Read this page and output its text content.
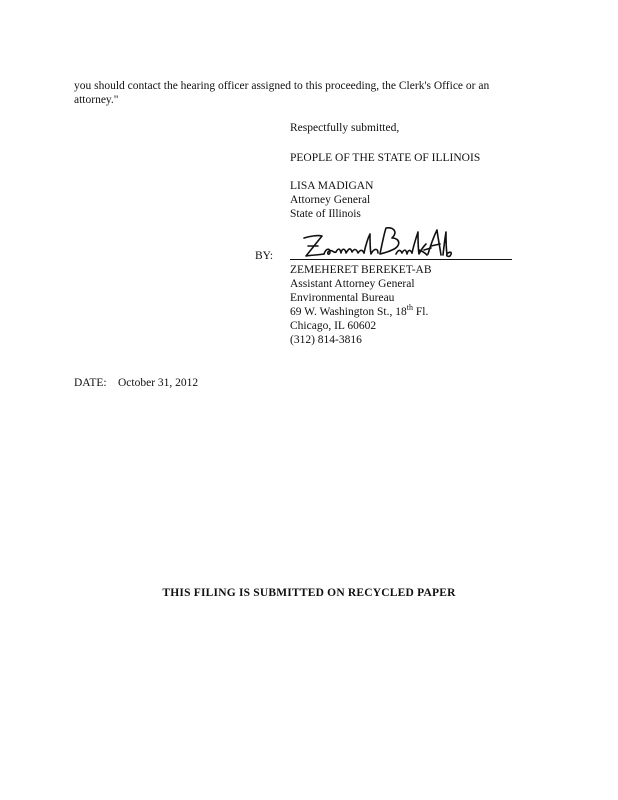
you should contact the hearing officer assigned to this proceeding, the Clerk's Office or an
attorney."
Respectfully submitted,
PEOPLE OF THE STATE OF ILLINOIS
LISA MADIGAN
Attorney General
State of Illinois
BY:
ZEMEHERET BEREKET-AB
Assistant Attorney General
Environmental Bureau
69 W. Washington St., 18th Fl.
Chicago, IL 60602
(312) 814-3816
DATE: October 31, 2012
THIS FILING IS SUBMITTED ON RECYCLED PAPER
